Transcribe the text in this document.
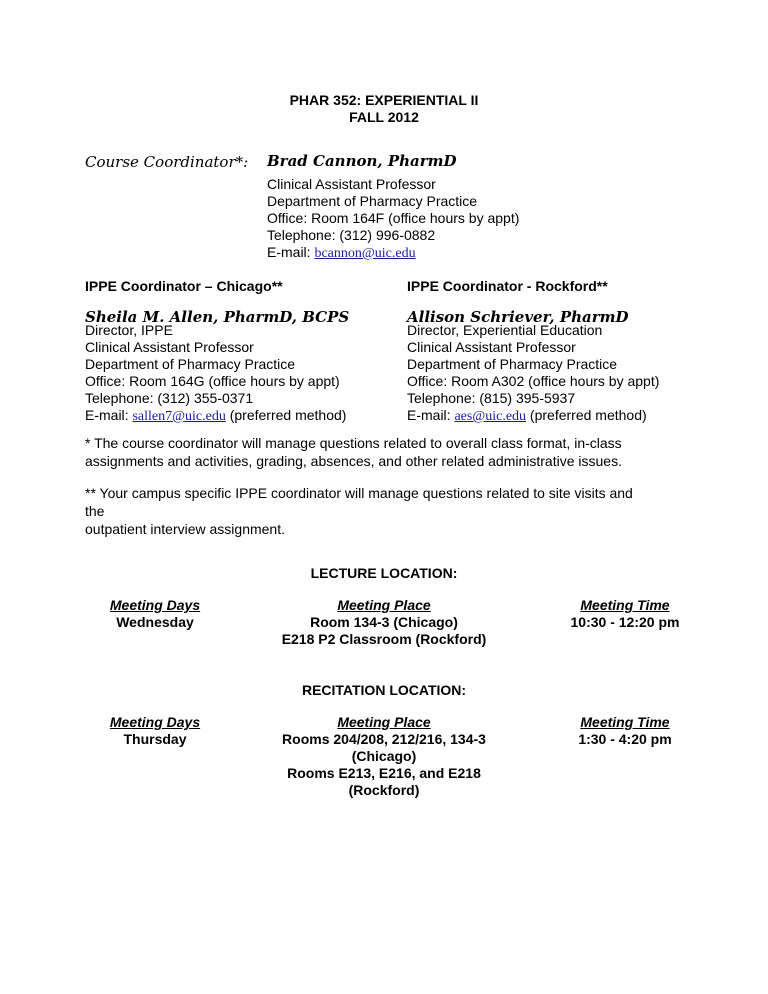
PHAR 352: EXPERIENTIAL II
FALL 2012
Course Coordinator*: Brad Cannon, PharmD
Clinical Assistant Professor
Department of Pharmacy Practice
Office: Room 164F (office hours by appt)
Telephone: (312) 996-0882
E-mail: bcannon@uic.edu
IPPE Coordinator – Chicago**
Sheila M. Allen, PharmD, BCPS
Director, IPPE
Clinical Assistant Professor
Department of Pharmacy Practice
Office: Room 164G (office hours by appt)
Telephone: (312) 355-0371
E-mail: sallen7@uic.edu (preferred method)
IPPE Coordinator - Rockford**
Allison Schriever, PharmD
Director, Experiential Education
Clinical Assistant Professor
Department of Pharmacy Practice
Office: Room A302 (office hours by appt)
Telephone: (815) 395-5937
E-mail: aes@uic.edu (preferred method)
* The course coordinator will manage questions related to overall class format, in-class
assignments and activities, grading, absences, and other related administrative issues.
** Your campus specific IPPE coordinator will manage questions related to site visits and the
outpatient interview assignment.
LECTURE LOCATION:
Meeting Days
Wednesday
Meeting Place
Room 134-3 (Chicago)
E218 P2 Classroom (Rockford)
Meeting Time
10:30 - 12:20 pm
RECITATION LOCATION:
Meeting Days
Thursday
Meeting Place
Rooms 204/208, 212/216, 134-3
(Chicago)
Rooms E213, E216, and E218
(Rockford)
Meeting Time
1:30 - 4:20 pm
